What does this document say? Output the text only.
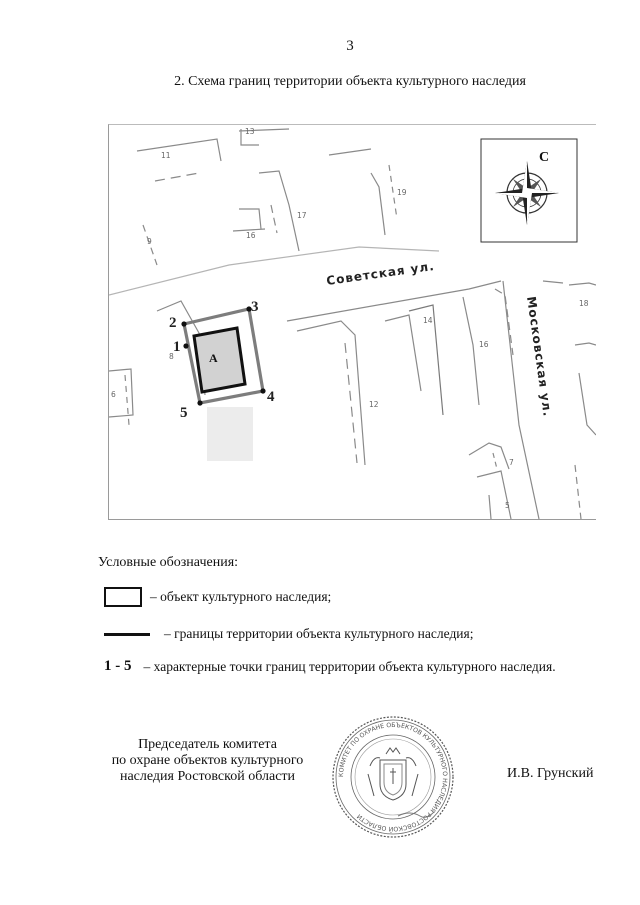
3
2. Схема границ территории объекта культурного наследия
13
11
19
17
9
16
18
14
8
16
6
12
7
5
Советская ул.
Московская ул.
А
1
2
3
4
5
С
Условные обозначения:
– объект культурного наследия;
– границы территории объекта культурного наследия;
1 - 5 – характерные точки границ территории объекта культурного наследия.
Председатель комитета
по охране объектов культурного
наследия Ростовской области	КОМИТЕТ ПО ОХРАНЕ ОБЪЕКТОВ КУЛЬТУРНОГО НАСЛЕДИЯ РОСТОВСКОЙ ОБЛАСТИ
И.В. Грунский
